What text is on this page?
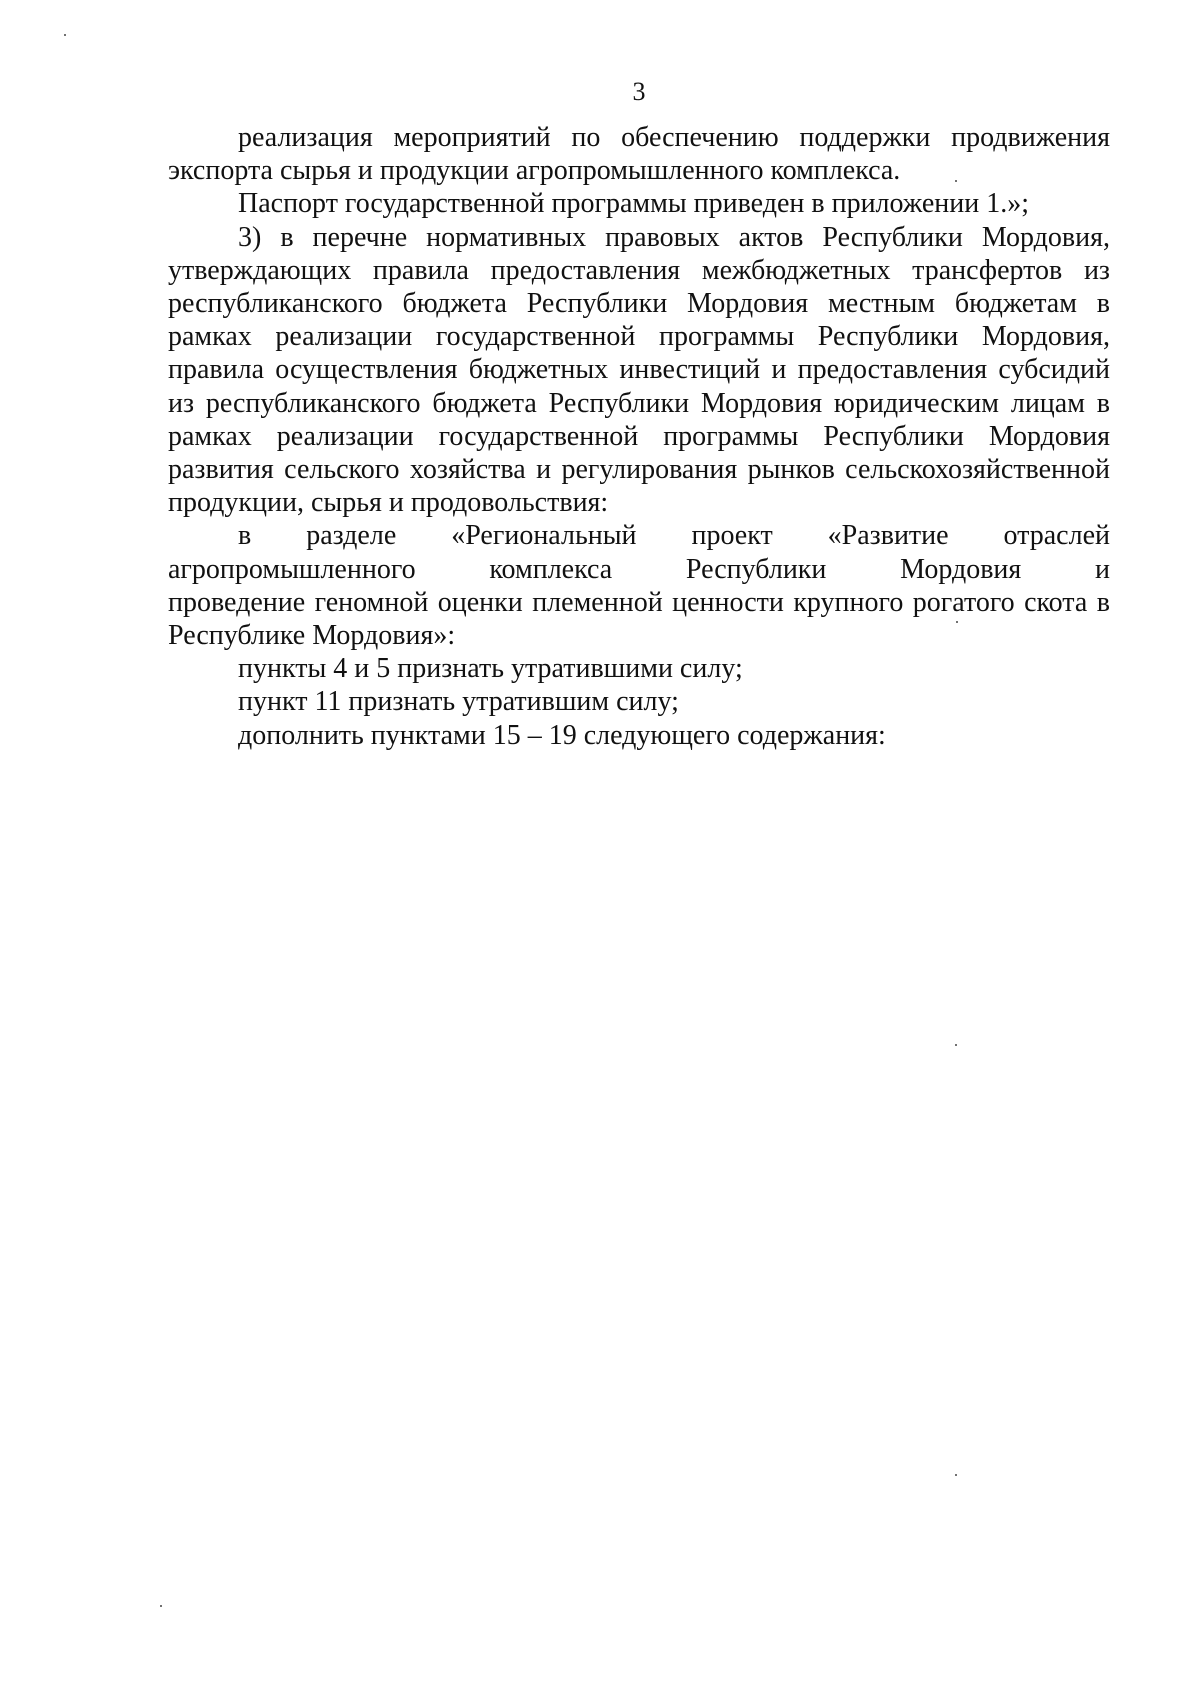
3
реализация мероприятий по обеспечению поддержки продвижения
экспорта сырья и продукции агропромышленного комплекса.
Паспорт государственной программы приведен в приложении 1.»;
3) в перечне нормативных правовых актов Республики Мордовия,
утверждающих правила предоставления межбюджетных трансфертов из
республиканского бюджета Республики Мордовия местным бюджетам в
рамках реализации государственной программы Республики Мордовия,
правила осуществления бюджетных инвестиций и предоставления субсидий
из республиканского бюджета Республики Мордовия юридическим лицам в
рамках реализации государственной программы Республики Мордовия
развития сельского хозяйства и регулирования рынков сельскохозяйственной
продукции, сырья и продовольствия:
в разделе «Региональный проект «Развитие отраслей
агропромышленного комплекса Республики Мордовия и
проведение геномной оценки племенной ценности крупного рогатого скота в
Республике Мордовия»:
пункты 4 и 5 признать утратившими силу;
пункт 11 признать утратившим силу;
дополнить пунктами 15 – 19 следующего содержания:
